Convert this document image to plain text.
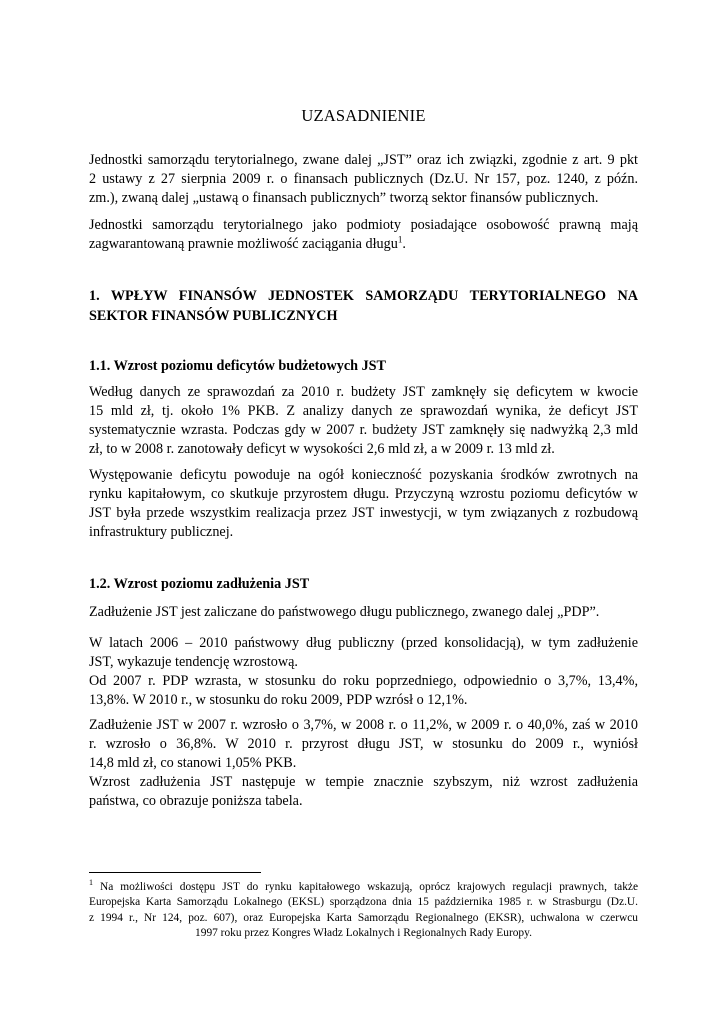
UZASADNIENIE

Jednostki samorządu terytorialnego, zwane dalej „JST” oraz ich związki, zgodnie z art. 9 pkt
2 ustawy z 27 sierpnia 2009 r. o finansach publicznych (Dz.U. Nr 157, poz. 1240, z późn.
zm.), zwaną dalej „ustawą o finansach publicznych” tworzą sektor finansów publicznych.

Jednostki samorządu terytorialnego jako podmioty posiadające osobowość prawną mają
zagwarantowaną prawnie możliwość zaciągania długu$^1$.

1. WPŁYW FINANSÓW JEDNOSTEK SAMORZĄDU TERYTORIALNEGO NA
SEKTOR FINANSÓW PUBLICZNYCH

1.1. Wzrost poziomu deficytów budżetowych JST

Według danych ze sprawozdań za 2010 r. budżety JST zamknęły się deficytem w kwocie
15 mld zł, tj. około 1% PKB. Z analizy danych ze sprawozdań wynika, że deficyt JST
systematycznie wzrasta. Podczas gdy w 2007 r. budżety JST zamknęły się nadwyżką 2,3 mld
zł, to w 2008 r. zanotowały deficyt w wysokości 2,6 mld zł, a w 2009 r. 13 mld zł.

Występowanie deficytu powoduje na ogół konieczność pozyskania środków zwrotnych na
rynku kapitałowym, co skutkuje przyrostem długu. Przyczyną wzrostu poziomu deficytów w
JST była przede wszystkim realizacja przez JST inwestycji, w tym związanych z rozbudową
infrastruktury publicznej.

1.2. Wzrost poziomu zadłużenia JST

Zadłużenie JST jest zaliczane do państwowego długu publicznego, zwanego dalej „PDP”.

W latach 2006 – 2010 państwowy dług publiczny (przed konsolidacją), w tym zadłużenie
JST, wykazuje tendencję wzrostową.
Od 2007 r. PDP wzrasta, w stosunku do roku poprzedniego, odpowiednio o 3,7%, 13,4%,
13,8%. W 2010 r., w stosunku do roku 2009, PDP wzrósł o 12,1%.

Zadłużenie JST w 2007 r. wzrosło o 3,7%, w 2008 r. o 11,2%, w 2009 r. o 40,0%, zaś w 2010
r. wzrosło o 36,8%. W 2010 r. przyrost długu JST, w stosunku do 2009 r., wyniósł
14,8 mld zł, co stanowi 1,05% PKB.
Wzrost zadłużenia JST następuje w tempie znacznie szybszym, niż wzrost zadłużenia
państwa, co obrazuje poniższa tabela.

$^1$ Na możliwości dostępu JST do rynku kapitałowego wskazują, oprócz krajowych regulacji prawnych, także
Europejska Karta Samorządu Lokalnego (EKSL) sporządzona dnia 15 października 1985 r. w Strasburgu (Dz.U.
z 1994 r., Nr 124, poz. 607), oraz Europejska Karta Samorządu Regionalnego (EKSR), uchwalona w czerwcu
1997 roku przez Kongres Władz Lokalnych i Regionalnych Rady Europy.
